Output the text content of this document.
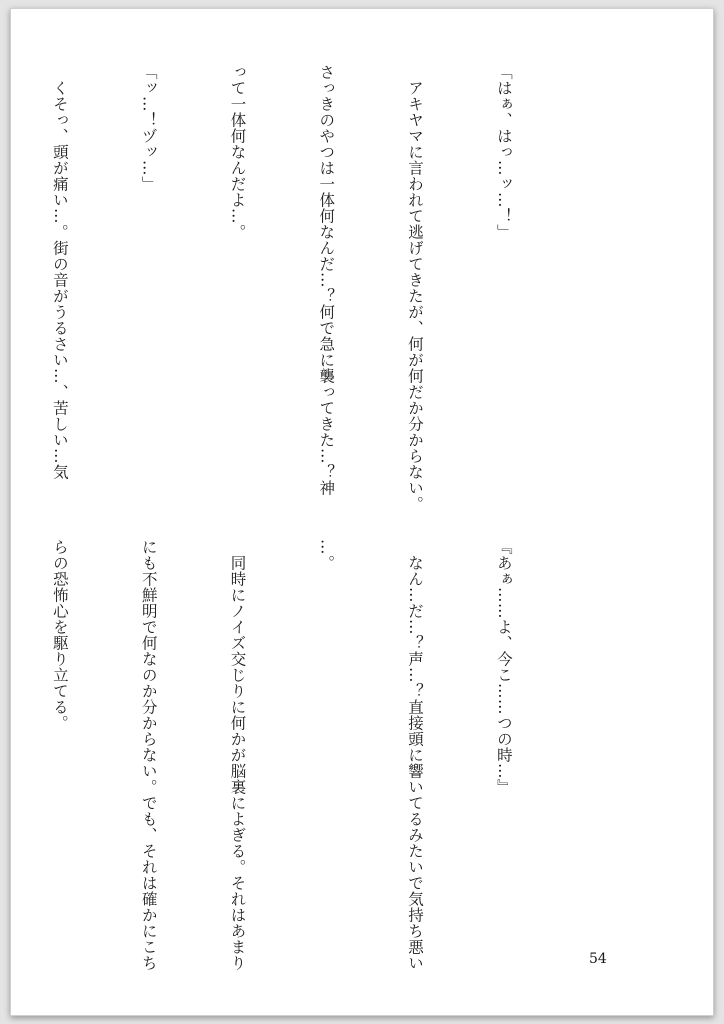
「はぁ、はっ…ッ…！」

　アキヤマに言われて逃げてきたが、何が何だか分からない。

さっきのやつは一体何なんだ…？何で急に襲ってきた…？神

って一体何なんだよ…。

「ッ…！ヅッ…」

　くそっ、頭が痛い…。街の音がうるさい…、苦しい…気

『あぁ……よ、今こ……つの時…』

　なん…だ…？声…？直接頭に響いてるみたいで気持ち悪い

…。

　同時にノイズ交じりに何かが脳裏によぎる。それはあまり

にも不鮮明で何なのか分からない。でも、それは確かにこち

らの恐怖心を駆り立てる。

54
